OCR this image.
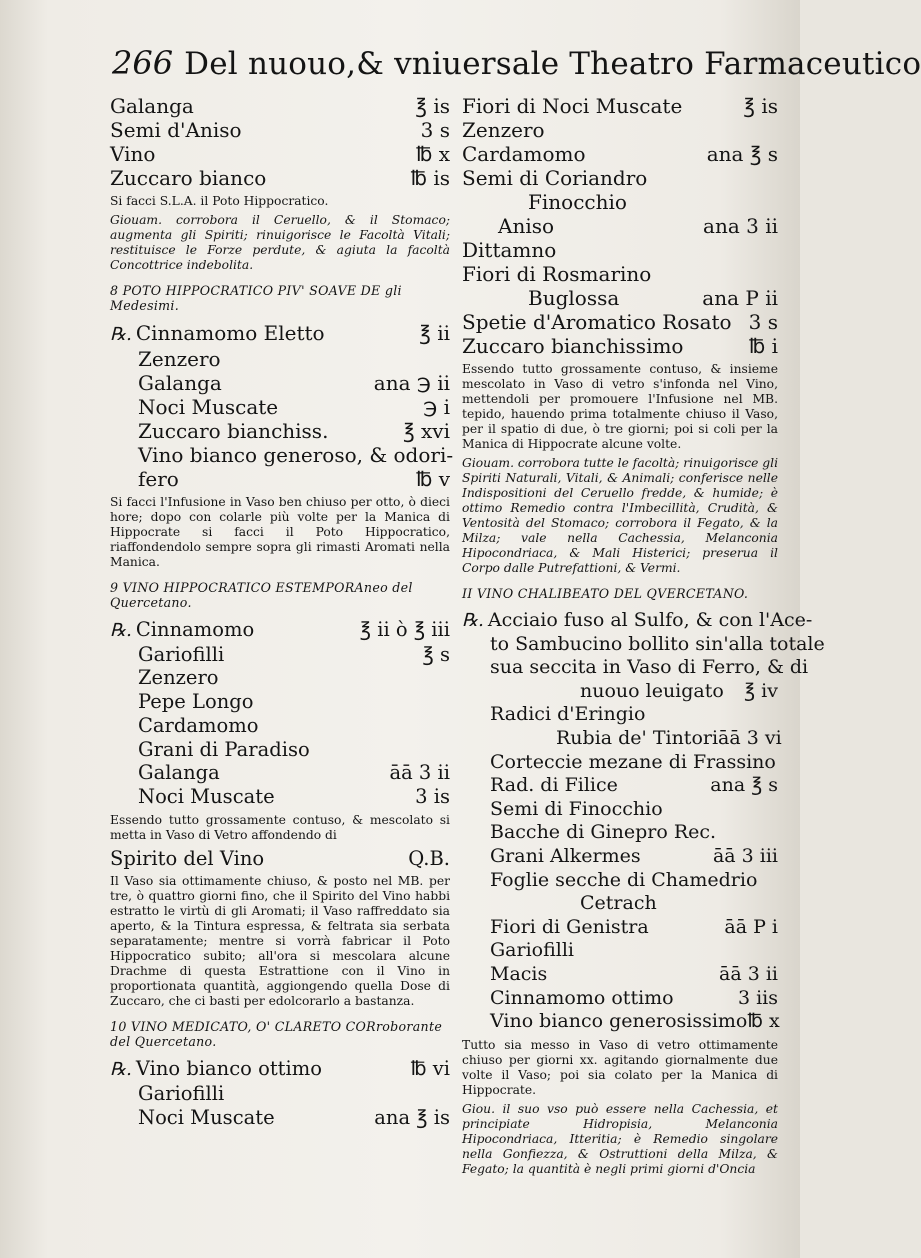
266 Del nuouo,& vniuersale Theatro Farmaceutico
Galanga	℥ is
Semi d'Aniso	3 s
Vino	℔ x
Zuccaro bianco	℔ is
Si facci S.L.A. il Poto Hippocratico.
Giouam. corrobora il Ceruello, & il Stomaco; augmenta gli Spiriti; rinuigorisce le Facoltà Vitali; restituisce le Forze perdute, & agiuta la facoltà Concottrice indebolita.
8 POTO HIPPOCRATICO PIV' SOAVE DE gli Medesimi.
℞. Cinnamomo Eletto	℥ ii
Zenzero
Galanga	ana ℈ ii
Noci Muscate	℈ i
Zuccaro bianchiss.	℥ xvi
Vino bianco generoso, & odori-
fero	℔ v
Si facci l'Infusione in Vaso ben chiuso per otto, ò dieci hore; dopo con colarle più volte per la Manica di Hippocrate si facci il Poto Hippocratico, riaffondendolo sempre sopra gli rimasti Aromati nella Manica.
9 VINO HIPPOCRATICO ESTEMPORAneo del Quercetano.
℞. Cinnamomo	℥ ii ò ℥ iii
Gariofilli	℥ s
Zenzero
Pepe Longo
Cardamomo
Grani di Paradiso
Galanga	āā 3 ii
Noci Muscate	3 is
Essendo tutto grossamente contuso, & mescolato si metta in Vaso di Vetro affondendo di
Spirito del Vino	Q.B.
Il Vaso sia ottimamente chiuso, & posto nel MB. per tre, ò quattro giorni fino, che il Spirito del Vino habbi estratto le virtù di gli Aromati; il Vaso raffreddato sia aperto, & la Tintura espressa, & feltrata sia serbata separatamente; mentre si vorrà fabricar il Poto Hippocratico subito; all'ora si mescolara alcune Drachme di questa Estrattione con il Vino in proportionata quantità, aggiongendo quella Dose di Zuccaro, che ci basti per edolcorarlo a bastanza.
10 VINO MEDICATO, O' CLARETO CORroborante del Quercetano.
℞. Vino bianco ottimo	℔ vi
Gariofilli
Noci Muscate	ana ℥ is
Fiori di Noci Muscate	℥ is
Zenzero
Cardamomo	ana ℥ s
Semi di Coriandro
Finocchio
Aniso	ana 3 ii
Dittamno
Fiori di Rosmarino
Buglossa	ana P ii
Spetie d'Aromatico Rosato 3 s
Zuccaro bianchissimo	℔ i
Essendo tutto grossamente contuso, & insieme mescolato in Vaso di vetro s'infonda nel Vino, mettendoli per promouere l'Infusione nel MB. tepido, hauendo prima totalmente chiuso il Vaso, per il spatio di due, ò tre giorni; poi si coli per la Manica di Hippocrate alcune volte.
Giouam. corrobora tutte le facoltà; rinuigorisce gli Spiriti Naturali, Vitali, & Animali; conferisce nelle Indispositioni del Ceruello fredde, & humide; è ottimo Remedio contra l'Imbecillità, Crudità, & Ventosità del Stomaco; corrobora il Fegato, & la Milza; vale nella Cachessia, Melanconia Hipocondriaca, & Mali Histerici; preserua il Corpo dalle Putrefattioni, & Vermi.
II VINO CHALIBEATO DEL QVERCETANO.
℞. Acciaio fuso al Sulfo, & con l'Ace-
to Sambucino bollito sin'alla totale
sua seccita in Vaso di Ferro, & di
nuouo leuigato	℥ iv
Radici d'Eringio
Rubia de' Tintori āā 3 vi
Corteccie mezane di Frassino
Rad. di Filice	ana ℥ s
Semi di Finocchio
Bacche di Ginepro Rec.
Grani Alkermes	āā 3 iii
Foglie secche di Chamedrio
Cetrach
Fiori di Genistra	āā P i
Gariofilli
Macis	āā 3 ii
Cinnamomo ottimo	3 iis
Vino bianco generosissimo ℔ x
Tutto sia messo in Vaso di vetro ottimamente chiuso per giorni xx. agitando giornalmente due volte il Vaso; poi sia colato per la Manica di Hippocrate.
Giou. il suo vso può essere nella Cachessia, et principiate Hidropisia, Melanconia Hipocondriaca, Itteritia; è Remedio singolare nella Gonfiezza, & Ostruttioni della Milza, & Fegato; la quantità è negli primi giorni d'Oncia
